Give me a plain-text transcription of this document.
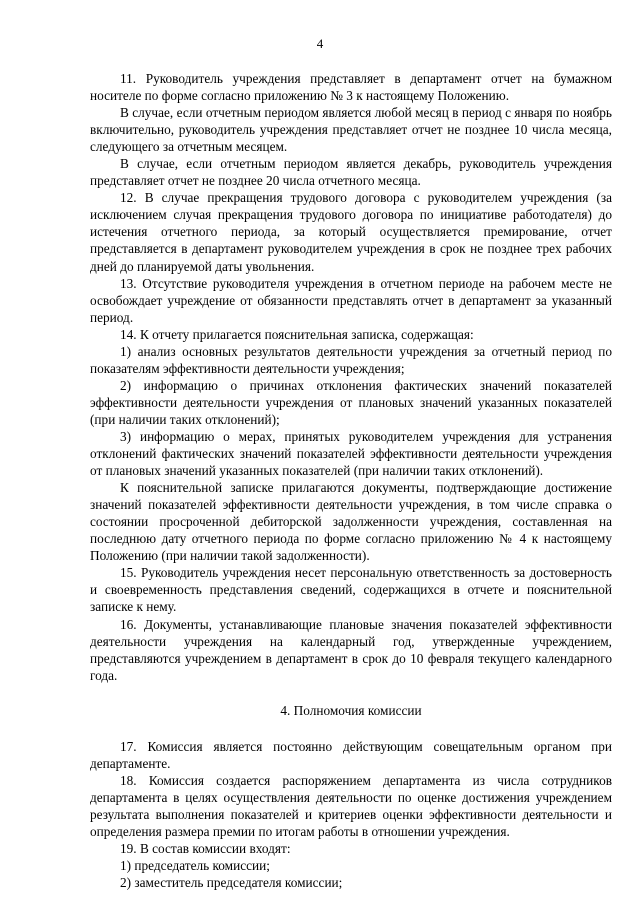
4

11. Руководитель учреждения представляет в департамент отчет на бумажном носителе по форме согласно приложению № 3 к настоящему Положению.

В случае, если отчетным периодом является любой месяц в период с января по ноябрь включительно, руководитель учреждения представляет отчет не позднее 10 числа месяца, следующего за отчетным месяцем.

В случае, если отчетным периодом является декабрь, руководитель учреждения представляет отчет не позднее 20 числа отчетного месяца.

12. В случае прекращения трудового договора с руководителем учреждения (за исключением случая прекращения трудового договора по инициативе работодателя) до истечения отчетного периода, за который осуществляется премирование, отчет представляется в департамент руководителем учреждения в срок не позднее трех рабочих дней до планируемой даты увольнения.

13. Отсутствие руководителя учреждения в отчетном периоде на рабочем месте не освобождает учреждение от обязанности представлять отчет в департамент за указанный период.

14. К отчету прилагается пояснительная записка, содержащая:

1) анализ основных результатов деятельности учреждения за отчетный период по показателям эффективности деятельности учреждения;

2) информацию о причинах отклонения фактических значений показателей эффективности деятельности учреждения от плановых значений указанных показателей (при наличии таких отклонений);

3) информацию о мерах, принятых руководителем учреждения для устранения отклонений фактических значений показателей эффективности деятельности учреждения от плановых значений указанных показателей (при наличии таких отклонений).

К пояснительной записке прилагаются документы, подтверждающие достижение значений показателей эффективности деятельности учреждения, в том числе справка о состоянии просроченной дебиторской задолженности учреждения, составленная на последнюю дату отчетного периода по форме согласно приложению № 4 к настоящему Положению (при наличии такой задолженности).

15. Руководитель учреждения несет персональную ответственность за достоверность и своевременность представления сведений, содержащихся в отчете и пояснительной записке к нему.

16. Документы, устанавливающие плановые значения показателей эффективности деятельности учреждения на календарный год, утвержденные учреждением, представляются учреждением в департамент в срок до 10 февраля текущего календарного года.

4. Полномочия комиссии

17. Комиссия является постоянно действующим совещательным органом при департаменте.

18. Комиссия создается распоряжением департамента из числа сотрудников департамента в целях осуществления деятельности по оценке достижения учреждением результата выполнения показателей и критериев оценки эффективности деятельности и определения размера премии по итогам работы в отношении учреждения.

19. В состав комиссии входят:

1) председатель комиссии;

2) заместитель председателя комиссии;
